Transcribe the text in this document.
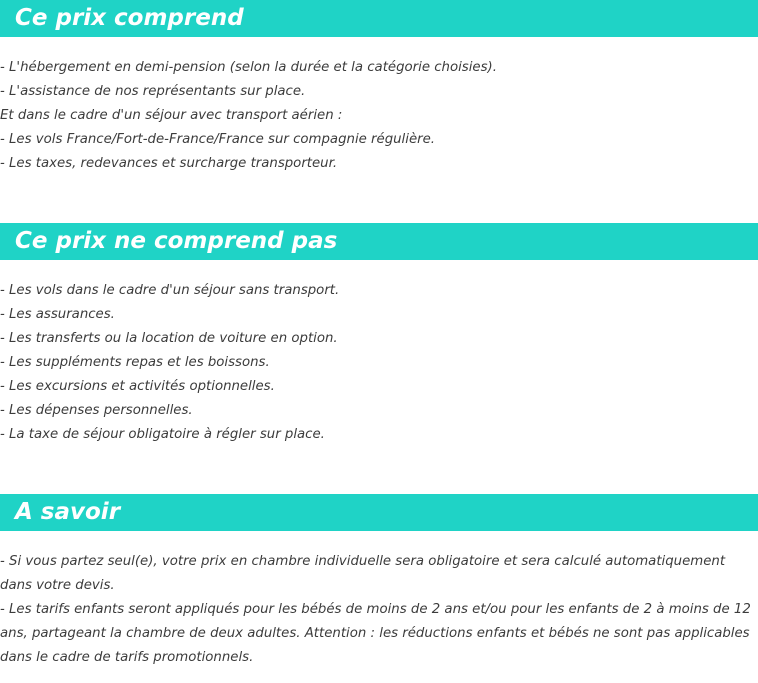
Ce prix comprend
- L'hébergement en demi-pension (selon la durée et la catégorie choisies).
- L'assistance de nos représentants sur place.
Et dans le cadre d'un séjour avec transport aérien :
- Les vols France/Fort-de-France/France sur compagnie régulière.
- Les taxes, redevances et surcharge transporteur.
Ce prix ne comprend pas
- Les vols dans le cadre d'un séjour sans transport.
- Les assurances.
- Les transferts ou la location de voiture en option.
- Les suppléments repas et les boissons.
- Les excursions et activités optionnelles.
- Les dépenses personnelles.
- La taxe de séjour obligatoire à régler sur place.
A savoir
- Si vous partez seul(e), votre prix en chambre individuelle sera obligatoire et sera calculé automatiquement dans votre devis.
- Les tarifs enfants seront appliqués pour les bébés de moins de 2 ans et/ou pour les enfants de 2 à moins de 12 ans, partageant la chambre de deux adultes. Attention : les réductions enfants et bébés ne sont pas applicables dans le cadre de tarifs promotionnels.
